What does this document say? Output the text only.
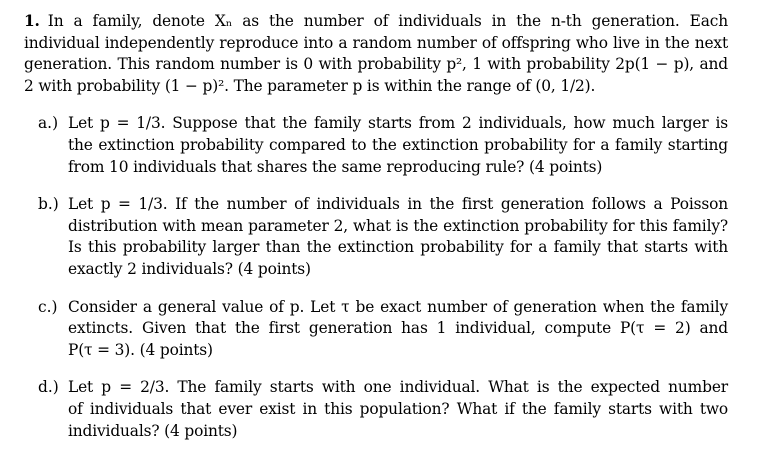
1. In a family, denote Xₙ as the number of individuals in the n-th generation. Each
individual independently reproduce into a random number of offspring who live in the next
generation. This random number is 0 with probability p², 1 with probability 2p(1 − p), and
2 with probability (1 − p)². The parameter p is within the range of (0, 1/2).
a.) Let p = 1/3. Suppose that the family starts from 2 individuals, how much larger is
the extinction probability compared to the extinction probability for a family starting
from 10 individuals that shares the same reproducing rule? (4 points)
b.) Let p = 1/3. If the number of individuals in the first generation follows a Poisson
distribution with mean parameter 2, what is the extinction probability for this family?
Is this probability larger than the extinction probability for a family that starts with
exactly 2 individuals? (4 points)
c.) Consider a general value of p. Let τ be exact number of generation when the family
extincts. Given that the first generation has 1 individual, compute P(τ = 2) and
P(τ = 3). (4 points)
d.) Let p = 2/3. The family starts with one individual. What is the expected number
of individuals that ever exist in this population? What if the family starts with two
individuals? (4 points)
